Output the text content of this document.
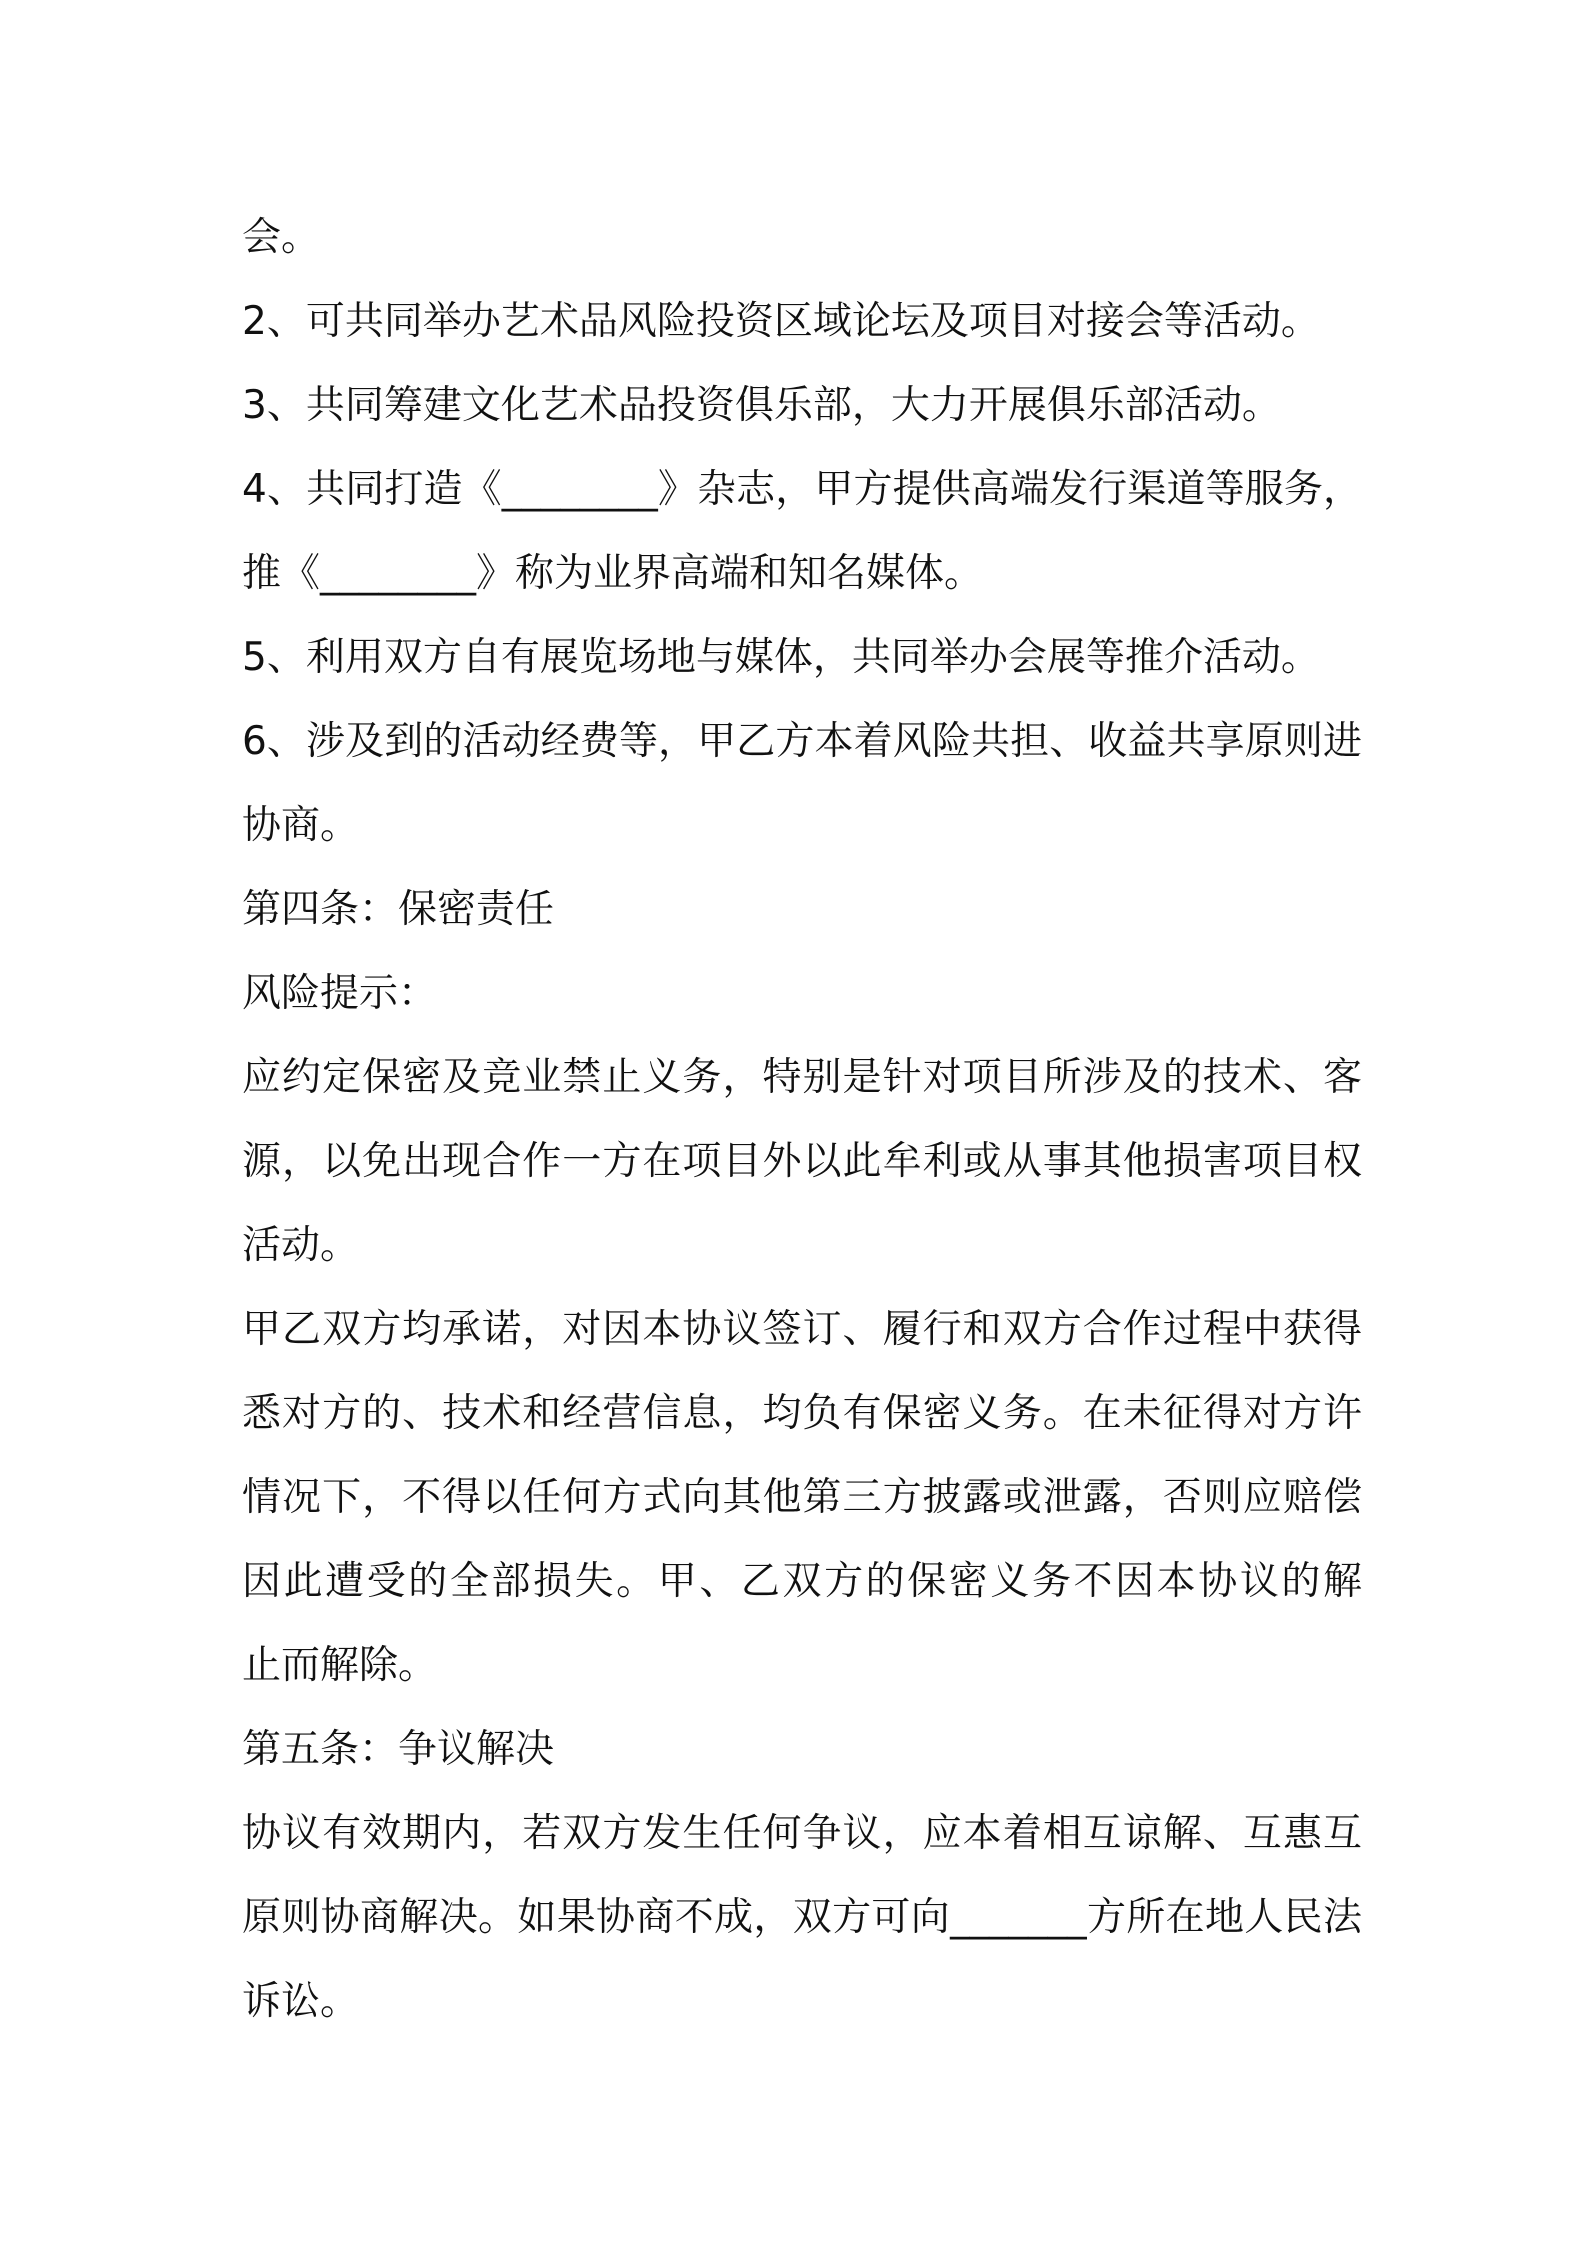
会。
2、可共同举办艺术品风险投资区域论坛及项目对接会等活动。
3、共同筹建文化艺术品投资俱乐部，大力开展俱乐部活动。
4、共同打造《________》杂志，甲方提供高端发行渠道等服务，
推《________》称为业界高端和知名媒体。
5、利用双方自有展览场地与媒体，共同举办会展等推介活动。
6、涉及到的活动经费等，甲乙方本着风险共担、收益共享原则进
协商。
第四条：保密责任
风险提示：
应约定保密及竞业禁止义务，特别是针对项目所涉及的技术、客
源，以免出现合作一方在项目外以此牟利或从事其他损害项目权
活动。
甲乙双方均承诺，对因本协议签订、履行和双方合作过程中获得
悉对方的、技术和经营信息，均负有保密义务。在未征得对方许
情况下，不得以任何方式向其他第三方披露或泄露，否则应赔偿
因此遭受的全部损失。甲、乙双方的保密义务不因本协议的解
止而解除。
第五条：争议解决
协议有效期内，若双方发生任何争议，应本着相互谅解、互惠互
原则协商解决。如果协商不成，双方可向_______方所在地人民法
诉讼。
